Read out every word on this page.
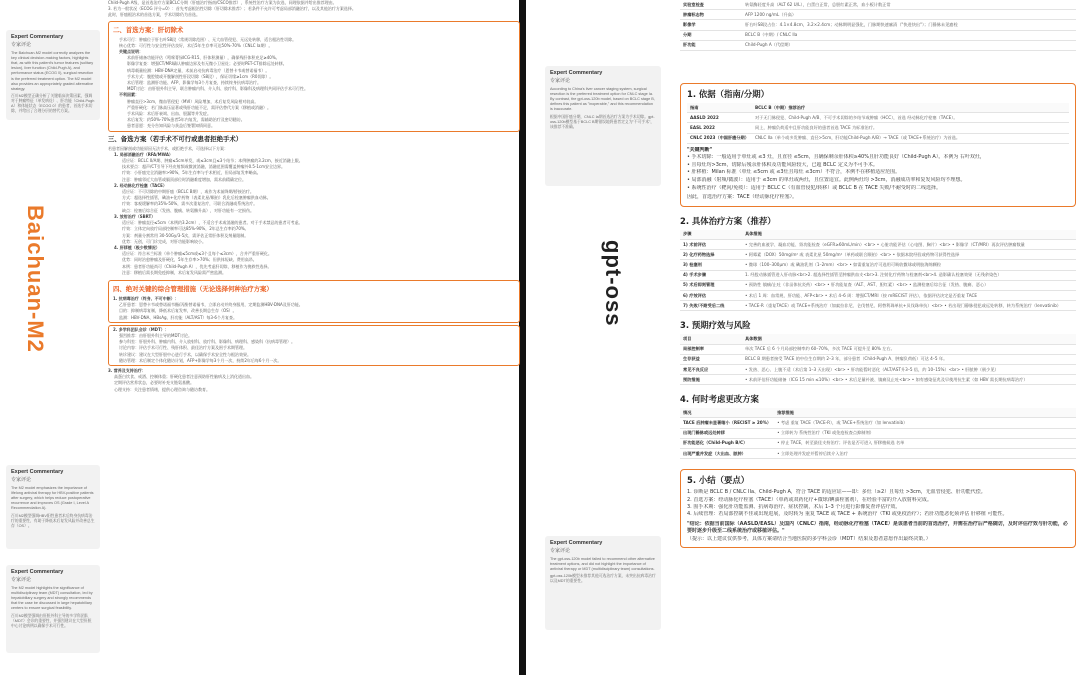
Baichuan-M2	gpt-oss
Expert Commentary
专家评论
The Baichuan-M2 model correctly analyzes the key clinical decision-making factors, highlights that, as with this patient's tumor features (solitary lesion), liver function (Child-Pugh A), and performance status (ECOG 0), surgical resection is the preferred treatment option. The M2 model also provides an appropriately graded alternative strategy.
百川M2模型正确分析了关键临床决策因素，强调对于肿瘤特征（单发病灶）、肝功能（Child-Pugh A）和体能状态（ECOG 0）的患者，首选手术切除，并给出了合理分层的替代方案。
Expert Commentary
专家评论
The M2 model emphasizes the importance of lifelong antiviral therapy for HBV-positive patients after surgery, which helps reduce postoperative recurrence and improves OS (Grade I, Level A Recommendation A).
百川M2模型强调HBV阳性患者术后终身抗病毒治疗的重要性，有助于降低术后复发风险并改善总生存（OS）。
Expert Commentary
专家评论
The M2 model highlights the significance of multidisciplinary team (MDT) consultation, led by hepatobiliary surgery and strongly recommends that the case be discussed in large hepatobiliary centers to ensure surgical feasibility.
百川M2模型强调由肝胆外科主导的多学科团队（MDT）会诊的重要性，并强烈建议在大型肝胆中心讨论病例以确保手术可行性。
Expert Commentary
专家评论
According to China's liver cancer staging system, surgical resection is the preferred treatment option for CNLC stage Ia. By contrast, the gpt-oss-120b model, based on BCLC stage B, defines this patient as "inoperable," and this recommendation is inaccurate.
根据中国肝癌分期，CNLC Ia期首选治疗方案为手术切除。gpt-oss-120b模型基于BCLC B期错误地将患者定义为"不可手术"，该推荐不准确。
Expert Commentary
专家评论
The gpt-oss-120b model failed to recommend other alternative treatment options, and did not highlight the importance of antiviral therapy or MDT (multidisciplinary team) consultations.
gpt-oss-120b模型未推荐其他可选治疗方案，未突出抗病毒治疗以及MDT的重要性。
Child-Pugh A级，是首选治疗方案BCLC分期（肝癌治疗指南/CSCO推荐），系统性治疗方案为次选，同理依据并给出推荐理由。
3. 若为一般状况（ECOG 评分=0）：首先考虑根治性切除（肝切除术推荐）；若条件不允许可考虑局部消融治疗，以及其他治疗方案选择。
此时，肝癌根治术的首选方案，手术切除仍为首选。
二、首选方案：肝切除术
手术可行：肿瘤位于肝右叶S8段（常规切除范围）、无大血管侵犯、无远处转移，适合根治性切除。
核心优势：可行性与安全性评估良好，术后5年生存率可达50%-70%（CNLC Ia期）。
关键点说明：
术前肝储备功能评估（吲哚菁绿ICG-R15、肝体积测量），确保残肝体积充足≥40%。
影像学复查：增强CT/MRI确认肿瘤边界及有无微小卫星灶；必要时PET-CT排除远处转移。
病毒载量检测：HBV-DNA定量，术前启动抗病毒治疗（恩替卡韦或替诺福韦）。
手术方式：腹腔镜或开腹解剖性肝段切除（S8段），保证切缘≥1cm（R0切除）。
术后管理：监测肝功能、AFP、影像学每3个月复查，持续终身抗病毒治疗。
MDT讨论：由肝胆外科主导，联合肿瘤内科、介入科、放疗科、影像科及病理科共同评估手术可行性。
不利因素：
肿瘤直径>3cm，微血管侵犯（MVI）风险增加，术后复发风险相对较高。
严重肝硬化：若门脉高压显著或残肝功能不足，需评估替代方案（移植或消融）。
手术风险：术后肝衰竭、出血、胆漏等并发症。
术后复发：约50%-70%患者5年内复发，需辅助治疗及密切随访。
患者意愿：充分告知风险与获益后签署知情同意。
三、备选方案（若手术不可行或患者拒绝手术）
若患者因解剖或功能原因无法手术，或拒绝手术，可选择以下方案：
1. 局部消融治疗（RFA/MWA）
适应证：BCLC 0/A期、肿瘤≤5cm单发，或≤3cm且≤3个结节；本例肿瘤约3.2cm，接近消融上限。
技术要点：超声/CT引导下经皮射频或微波消融，消融范围需覆盖肿瘤外0.5-1cm安全边界。
疗效：小肝癌完全消融率>90%，5年生存率与手术相近，但局部复发率略高。
注意：肿瘤邻近大血管或膈顶部位时消融难度增加，需术前精确定位。
2. 经动脉化疗栓塞（TACE）
适应证：不可切除的中期肝癌（BCLC B期），或作为术前降期/桥接治疗。
方式：超选择性插管，碘油+化疗药物（表柔比星/顺铂）乳化后栓塞肿瘤供血动脉。
疗效：客观缓解率约35%-50%，需多次重复治疗，可联合消融或系统治疗。
缺点：栓塞后综合征（发热、腹痛、转氨酶升高），对肝功能有一定损伤。
3. 放射治疗（SBRT）
适应证：肿瘤直径≤5cm（本例约3.2cm），不适合手术或消融的患者。对于手术禁忌的患者可考虑。
疗效：立体定向放疗局部控制率可达85%-90%，2年总生存率约70%。
方案：剂量分割常用 30-50Gy/3-5次，需评估正常肝体积及剂量限制。
优势：无创，可门诊完成，对肝功能影响较小。
4. 肝移植（极少数情况）
适应证：符合米兰标准（单个肿瘤≤5cm或≤3个且每个≤3cm），合并严重肝硬化。
优势：同时治愈肿瘤及肝硬化，5年生存率>70%；但供体短缺、费用高昂。
本例：患者肝功能尚可（Child-Pugh A），优先考虑肝切除，移植作为挽救性选择。
注意：移植后需长期免疫抑制，术后复发风险需严密监测。
四、绝对关键的综合管理措施（无论选择何种治疗方案）
1. 抗病毒治疗（终身、不可中断）：
乙肝患者：恩替卡韦或替诺福韦酯/丙酚替诺福韦，立即启动并终身服用，定期监测HBV-DNA及肝功能。
目的：抑制病毒复制，降低术后复发率，改善长期总生存（OS）。
监测：HBV-DNA、HBsAg、肝功能（ALT/AST）每3-6个月复查。
2. 多学科团队会诊（MDT）：
强烈推荐：由肝胆外科主导的MDT讨论。
参与科室：肝胆外科、肿瘤内科、介入放射科、放疗科、影像科、病理科、感染科（抗病毒管理）。
讨论内容：评估手术可行性、残肝体积、最佳治疗方案及围手术期管理。
转诊建议：建议在大型肝胆中心进行手术，以确保手术安全性与根治效果。
随访管理：术后制定个体化随访计划，AFP+影像学每3个月一次，持续2年后每6个月一次。
3. 营养及支持治疗：
高蛋白饮食、戒酒、控制体重；肝硬化患者注意预防肝性脑病及上消化道出血。
定期评估营养状态，必要时补充支链氨基酸。
心理支持：关注患者情绪，提供心理咨询与随访教育。
实验室检查	转氨酶轻度升高（ALT 62 U/L），白蛋白正常，总胆红素正常，血小板计数正常
肿瘤标志物	AFP 1200 ng/mL（升高）
影像学	肝右叶S8段占位：4.1×4.8cm，3.2×2.4cm；动脉期明显强化，门脉期快速廓清（"快进快出"）；门静脉未见癌栓
分期	BCLC B（中期）/ CNLC IIa
肝功能	Child-Pugh A（代偿期）
1. 依据（指南/分期）
指南	BCLC B（中期）推荐治疗
AASLD 2022	对于无门脉侵犯、Child-Pugh A/B、不可手术切除的多结节或肿瘤（HCC），首选 经动脉化疗栓塞（TACE）。
EASL 2022	同上，肿瘤负荷适中且肝功能良好的患者首选 TACE 为标准治疗。
CNLC 2023（中国肝癌分期）	CNLC IIa（单个或多发肿瘤、直径>5cm，肝功能Child-Pugh A/B）→ TACE（或 TACE+系统治疗）为首选。
"关键判断"
• 手术切除：一般适用于单灶或 ≤3 灶，且直径 ≤5cm，且确保剩余肝体积≥40%且肝功能良好（Child-Pugh A）。本例为 右叶双灶，
• 且每灶均>3cm，切除后残余肝体积及功能风险较大，已超 BCLC 定义为不可手术。
• 肝移植：Milan 标准（单灶 ≤5cm 或 ≤3灶且每灶 ≤3cm）不符合，本例不在移植适应范围。
• 局部消融（射频/微波）：适用于 ≤3cm 的单灶或两灶，且位置适宜。此例两灶均 >3cm，消融成功率和复发风险均不理想。
• 系统性治疗（靶向/免疫）：适用于 BCLC C（有血管侵犯/转移）或 BCLC B 在 TACE 失败/不耐受时的二线选择。
因此，首选治疗方案：TACE（经动脉化疗栓塞）。
2. 具体治疗方案（推荐）
步骤	具体措施
1) 术前评估	• 完善的血液学、凝血功能、肾功能检查（eGFR≥60mL/min）<br> • 心脏功能评估（心电图、胸片）<br> • 影像学（CT/MRI）再次评估肿瘤数量
2) 化疗药物选择	• 阿霉素（DOX）50mg/m² 或 表柔比星 50mg/m²（单药或联合顺铂）<br> • 依据本院经验或药物可获得性选择
3) 栓塞剂	• 微球（100–300μm）或 碘油乳剂（1–2mm）<br> • 如需重复治疗可选用可吸收微球或明胶海绵颗粒
4) 手术步骤	1. 经股动脉插管进入肝动脉<br>2. 超选择性插管至肿瘤供血支<br>3. 注射化疗药物与栓塞剂<br>4. 造影确认栓塞效果（无残余染色）
5) 术后即刻管理	• 预防性 镇痛/止吐（非甾体抗炎药）<br> • 肝功能复查（ALT、AST、胆红素）<br> • 监测栓塞后综合征（发热、腹痛、恶心）
6) 疗效评估	• 术后 1 周：血常规、肝功能、AFP<br> • 术后 4–6 周：增强CT/MRI（按 mRECIST 评估），依据评估决定是否重复 TACE
7) 失败/不耐受后二线	• TACE-R（重复TACE）或 TACE+系统治疗（如索拉非尼、仑伐替尼、阿替利珠单抗+贝伐珠单抗）<br> • 若出现门静脉侵犯或远处转移，转为系统治疗（lenvatinib）
3. 预期疗效与风险
项目	具体数据
局部控制率	单次 TACE 后 6 个月局部控制率约 60–70%，多次 TACE 可提升至 80% 左右。
生存获益	BCLC B 期患者接受 TACE 的中位生存期约 2–3 年，部分患者（Child-Pugh A、肿瘤负荷低）可达 4–5 年。
常见不良反应	• 发热、恶心、上腹不适（术后第 1–3 天出现）<br> • 肝功能暂时恶化（ALT/AST升3–5 倍，约 10–15%）<br> • 肝脓肿（极少见）
预防措施	• 术前评估肝功能储备（ICG 15 min ≤10%）<br> • 术后足量补液、镇痛及止吐<br> • 如有感染征兆及早使用抗生素（如 HBV 需长期抗病毒治疗）
4. 何时考虑更改方案
情况	推荐措施
TACE 后肿瘤未显著缩小（RECIST ≥ 20%）	• 考虑 重复 TACE（TACE-R），或 TACE+系统治疗（如 lenvatinib）
出现门静脉或远处转移	• 立即转为 系统性治疗（TKI 或免疫检查点抑制剂）
肝功能恶化（Child-Pugh B/C）	• 停止 TACE，转至最佳支持治疗；评估是否可进入 肝移植候选 名单
出现严重并发症（大出血、脓肿）	• 立即处理并发症并暂停后续介入治疗
5. 小结（要点）
1. 诊断是 BCLC B / CNLC IIa、Child-Pugh A，符合 TACE 的适应证——即：多灶（≥2）且每灶 >3cm，无血管侵犯、肝功能代偿。
2. 首选方案：经动脉化疗栓塞（TACE）（单药或双药化疗+微球/碘油栓塞剂），在经验丰富的介入放射科完成。
3. 围手术期：强化肝功能监测、抗病毒治疗、症状控制，术后 1–3 个月进行影像复查评估疗效。
4. 后续管理：若局部控制不佳或出现进展，及时转为 重复 TACE 或 TACE + 系统治疗（TKI 或免疫治疗）；若肝功能恶化须评估 肝移植 可能性。
"结论：依据当前国际（AASLD/EASL）及国内（CNLC）指南，经动脉化疗栓塞（TACE）是该患者当前的首选治疗，并需在治疗后严格随访，及时评估疗效与肝功能，必要时逐步升级至二线系统治疗或移植评估。"
（提示：以上建议仅供参考，具体方案请结合当地医院的多学科会诊（MDT）结果及患者意愿作出最终决策。）
